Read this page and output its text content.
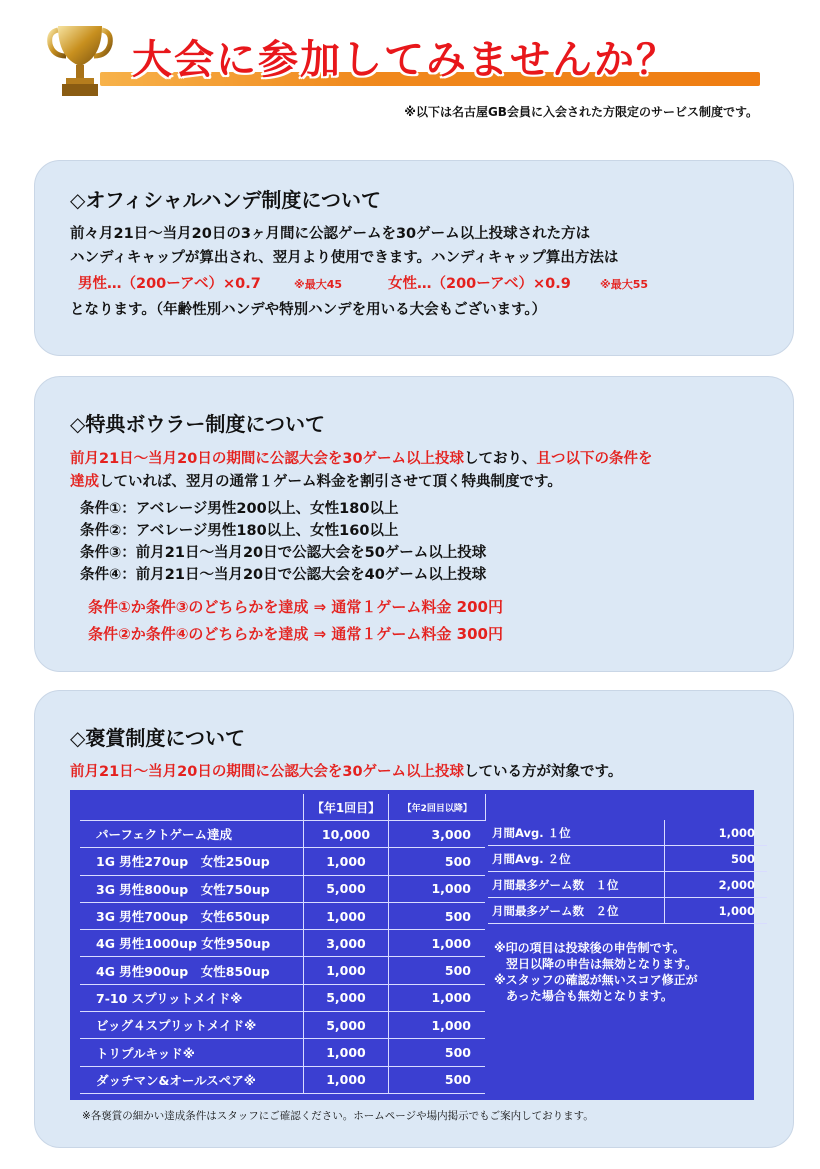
大会に参加してみませんか？
※以下は名古屋GB会員に入会された方限定のサービス制度です。
◇オフィシャルハンデ制度について
前々月21日～当月20日の3ヶ月間に公認ゲームを30ゲーム以上投球された方は
ハンディキャップが算出され、翌月より使用できます。ハンディキャップ算出方法は
男性…（200ーアベ）×0.7	※最大45	女性…（200ーアベ）×0.9	※最大55
となります。（年齢性別ハンデや特別ハンデを用いる大会もございます。）
◇特典ボウラー制度について
前月21日～当月20日の期間に公認大会を30ゲーム以上投球しており、且つ以下の条件を
達成していれば、翌月の通常１ゲーム料金を割引させて頂く特典制度です。
条件①：アベレージ男性200以上、女性180以上
条件②：アベレージ男性180以上、女性160以上
条件③：前月21日～当月20日で公認大会を50ゲーム以上投球
条件④：前月21日～当月20日で公認大会を40ゲーム以上投球
条件①か条件③のどちらかを達成 ⇒ 通常１ゲーム料金 200円
条件②か条件④のどちらかを達成 ⇒ 通常１ゲーム料金 300円
◇褒賞制度について
前月21日～当月20日の期間に公認大会を30ゲーム以上投球している方が対象です。
	【年1回目】	【年2回目以降】
パーフェクトゲーム達成	10,000	3,000
1G 男性270up　女性250up	1,000	500
3G 男性800up　女性750up	5,000	1,000
3G 男性700up　女性650up	1,000	500
4G 男性1000up 女性950up	3,000	1,000
4G 男性900up　女性850up	1,000	500
7-10 スプリットメイド※	5,000	1,000
ビッグ４スプリットメイド※	5,000	1,000
トリプルキッド※	1,000	500
ダッチマン&オールスペア※	1,000	500
月間Avg. １位	1,000
月間Avg. ２位	500
月間最多ゲーム数　１位	2,000
月間最多ゲーム数　２位	1,000
※印の項目は投球後の申告制です。
　翌日以降の申告は無効となります。
※スタッフの確認が無いスコア修正が
　あった場合も無効となります。
※各褒賞の細かい達成条件はスタッフにご確認ください。ホームページや場内掲示でもご案内しております。
